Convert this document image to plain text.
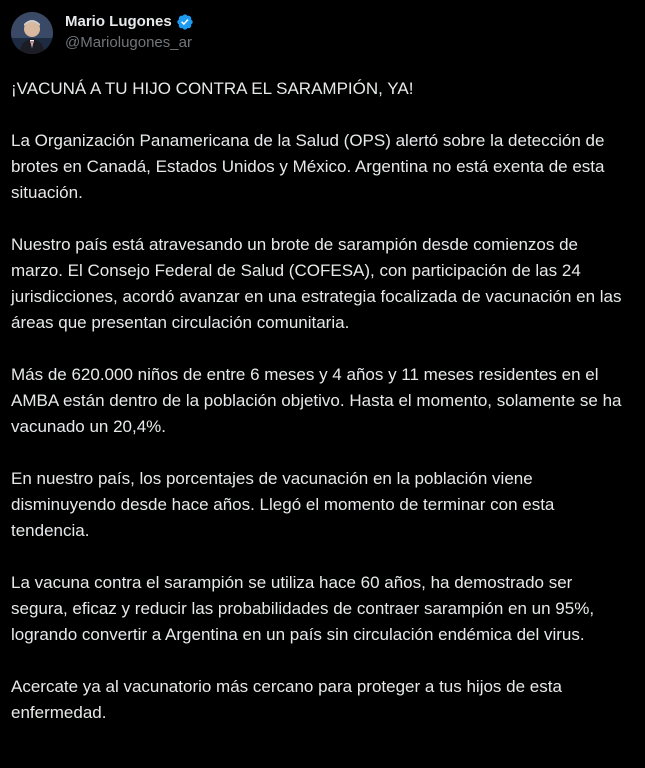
Mario Lugones
@Mariolugones_ar

¡VACUNÁ A TU HIJO CONTRA EL SARAMPIÓN, YA!

La Organización Panamericana de la Salud (OPS) alertó sobre la detección de brotes en Canadá, Estados Unidos y México. Argentina no está exenta de esta situación.

Nuestro país está atravesando un brote de sarampión desde comienzos de marzo. El Consejo Federal de Salud (COFESA), con participación de las 24 jurisdicciones, acordó avanzar en una estrategia focalizada de vacunación en las áreas que presentan circulación comunitaria.

Más de 620.000 niños de entre 6 meses y 4 años y 11 meses residentes en el AMBA están dentro de la población objetivo. Hasta el momento, solamente se ha vacunado un 20,4%.

En nuestro país, los porcentajes de vacunación en la población viene disminuyendo desde hace años. Llegó el momento de terminar con esta tendencia.

La vacuna contra el sarampión se utiliza hace 60 años, ha demostrado ser segura, eficaz y reducir las probabilidades de contraer sarampión en un 95%, logrando convertir a Argentina en un país sin circulación endémica del virus.

Acercate ya al vacunatorio más cercano para proteger a tus hijos de esta enfermedad.
